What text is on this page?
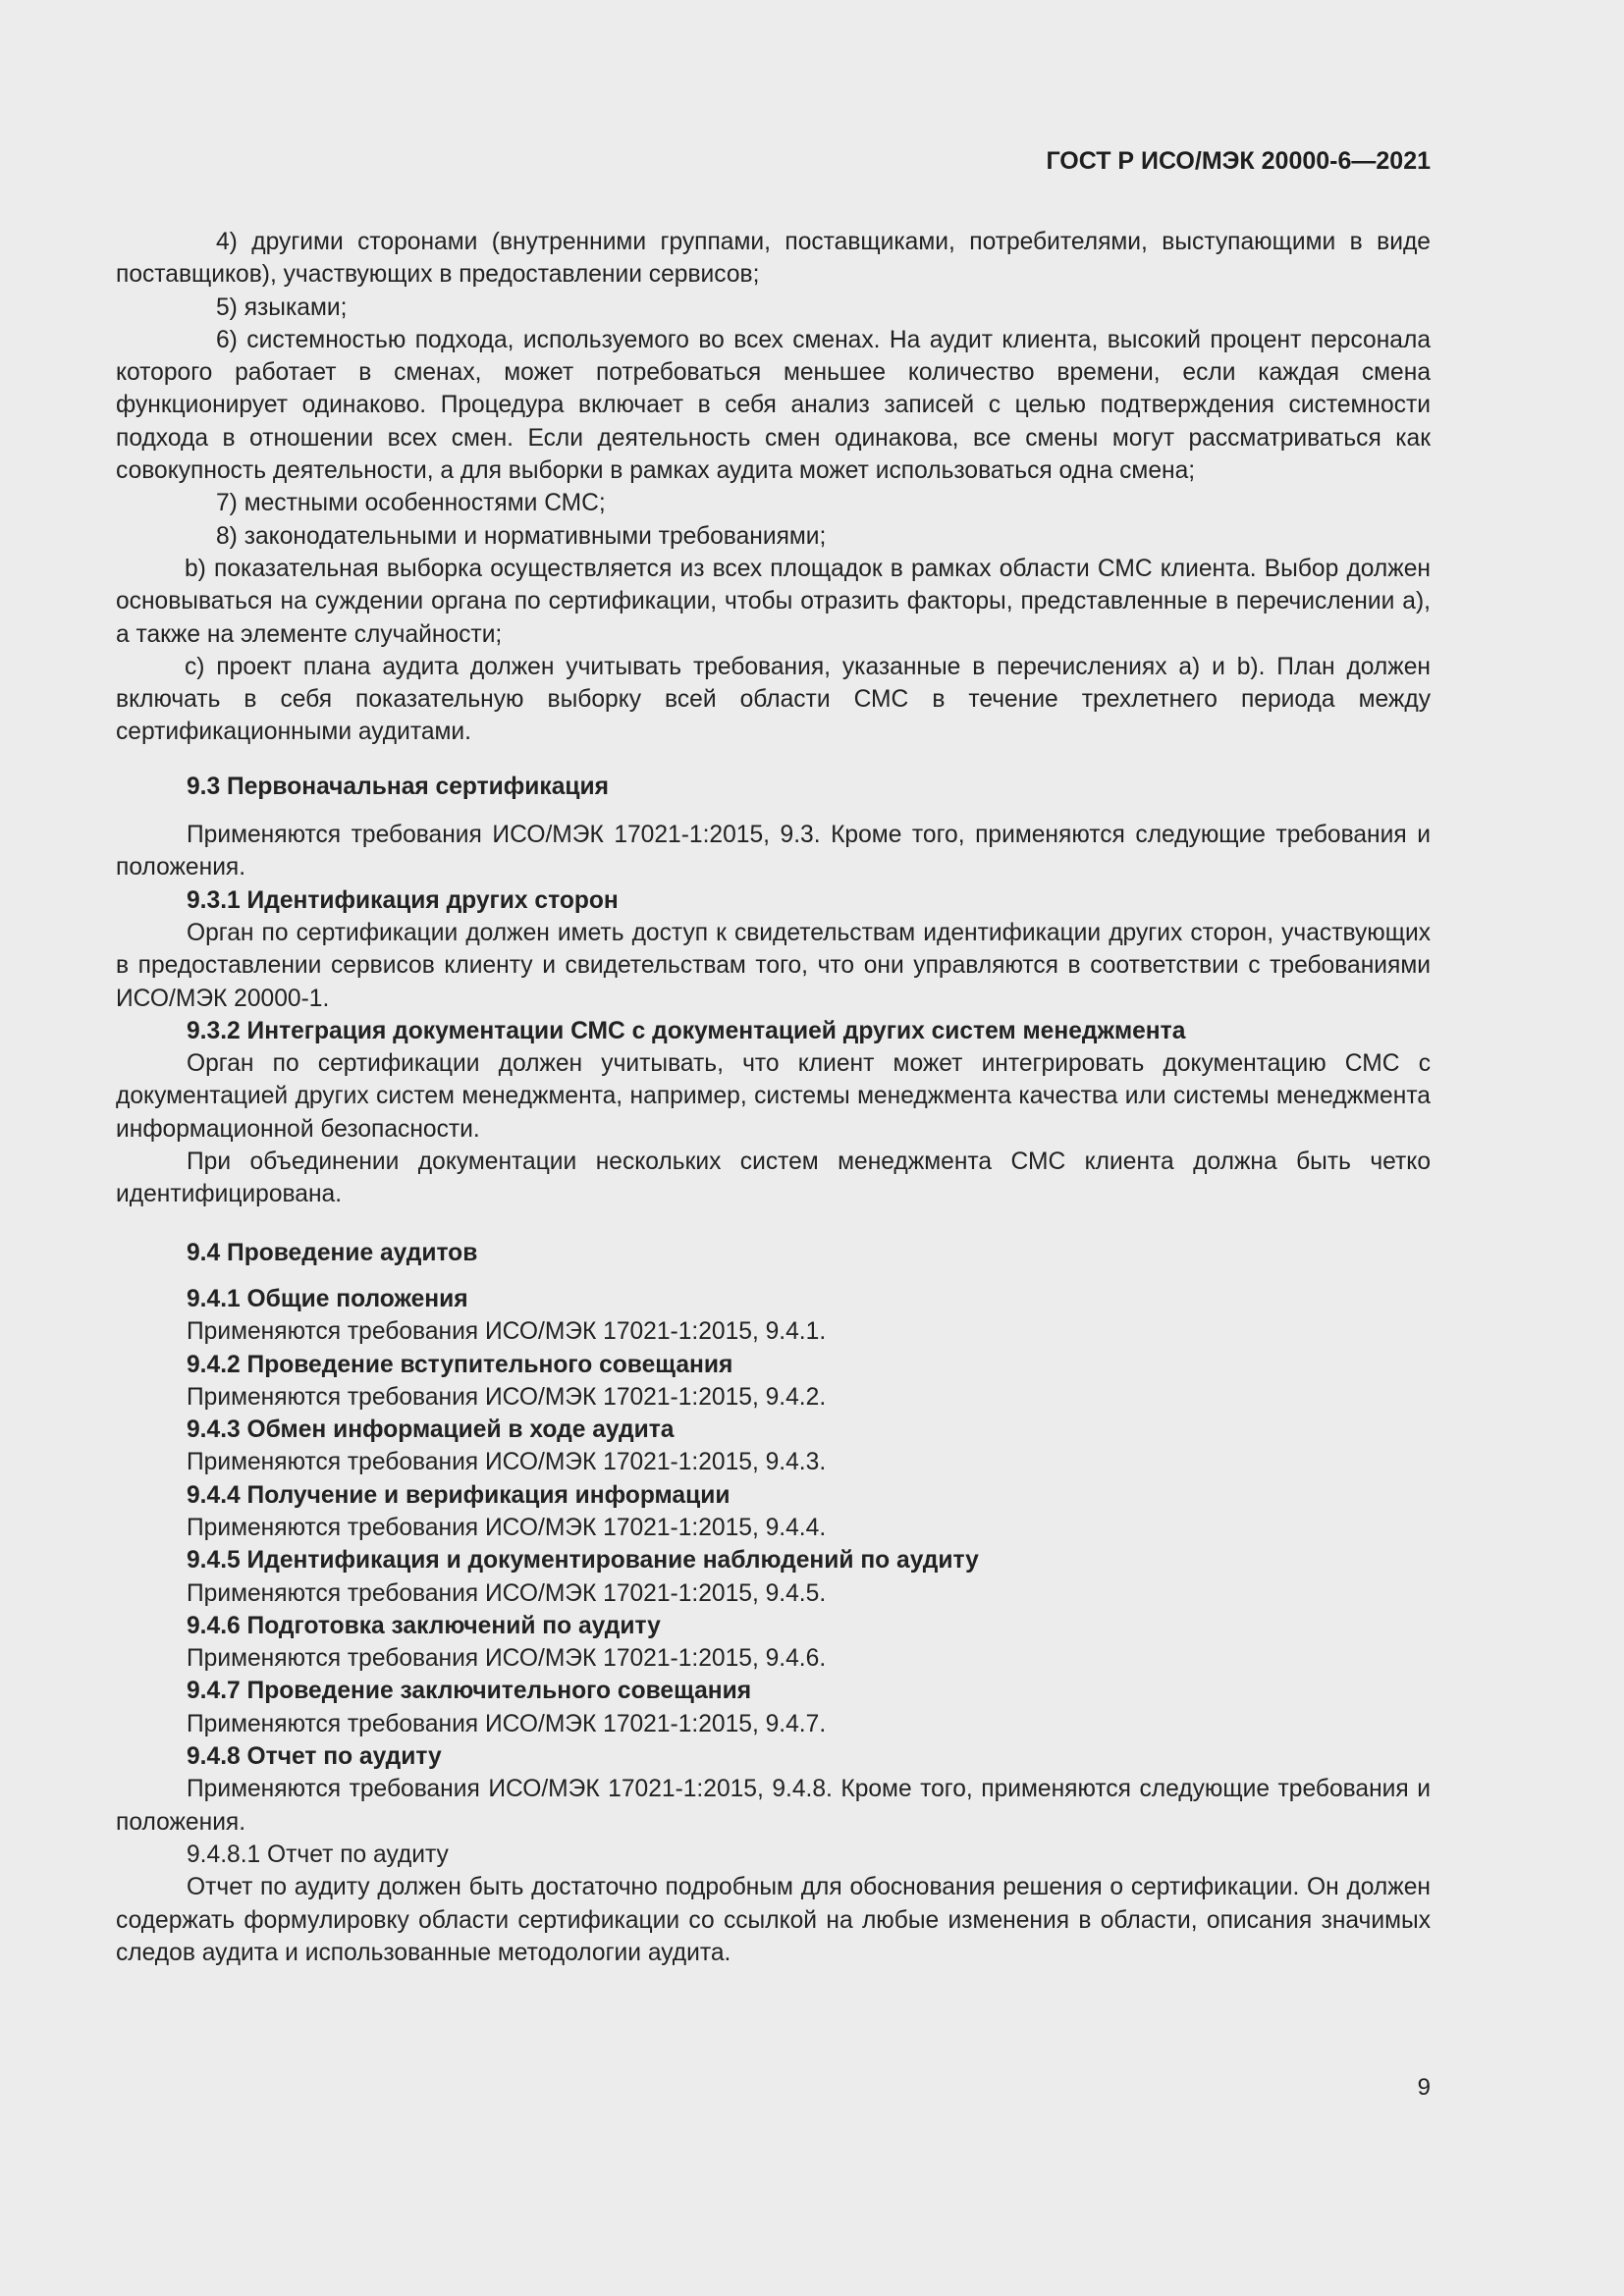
ГОСТ Р ИСО/МЭК 20000-6—2021

4) другими сторонами (внутренними группами, поставщиками, потребителями, выступающими в виде поставщиков), участвующих в предоставлении сервисов;

5) языками;

6) системностью подхода, используемого во всех сменах. На аудит клиента, высокий процент персонала которого работает в сменах, может потребоваться меньшее количество времени, если каждая смена функционирует одинаково. Процедура включает в себя анализ записей с целью подтверждения системности подхода в отношении всех смен. Если деятельность смен одинакова, все смены могут рассматриваться как совокупность деятельности, а для выборки в рамках аудита может использоваться одна смена;

7) местными особенностями СМС;

8) законодательными и нормативными требованиями;

b) показательная выборка осуществляется из всех площадок в рамках области СМС клиента. Выбор должен основываться на суждении органа по сертификации, чтобы отразить факторы, представленные в перечислении а), а также на элементе случайности;

с) проект плана аудита должен учитывать требования, указанные в перечислениях а) и b). План должен включать в себя показательную выборку всей области СМС в течение трехлетнего периода между сертификационными аудитами.

9.3 Первоначальная сертификация

Применяются требования ИСО/МЭК 17021-1:2015, 9.3. Кроме того, применяются следующие требования и положения.

9.3.1 Идентификация других сторон

Орган по сертификации должен иметь доступ к свидетельствам идентификации других сторон, участвующих в предоставлении сервисов клиенту и свидетельствам того, что они управляются в соответствии с требованиями ИСО/МЭК 20000-1.

9.3.2 Интеграция документации СМС с документацией других систем менеджмента

Орган по сертификации должен учитывать, что клиент может интегрировать документацию СМС с документацией других систем менеджмента, например, системы менеджмента качества или системы менеджмента информационной безопасности.

При объединении документации нескольких систем менеджмента СМС клиента должна быть четко идентифицирована.

9.4 Проведение аудитов

9.4.1 Общие положения

Применяются требования ИСО/МЭК 17021-1:2015, 9.4.1.

9.4.2 Проведение вступительного совещания

Применяются требования ИСО/МЭК 17021-1:2015, 9.4.2.

9.4.3 Обмен информацией в ходе аудита

Применяются требования ИСО/МЭК 17021-1:2015, 9.4.3.

9.4.4 Получение и верификация информации

Применяются требования ИСО/МЭК 17021-1:2015, 9.4.4.

9.4.5 Идентификация и документирование наблюдений по аудиту

Применяются требования ИСО/МЭК 17021-1:2015, 9.4.5.

9.4.6 Подготовка заключений по аудиту

Применяются требования ИСО/МЭК 17021-1:2015, 9.4.6.

9.4.7 Проведение заключительного совещания

Применяются требования ИСО/МЭК 17021-1:2015, 9.4.7.

9.4.8 Отчет по аудиту

Применяются требования ИСО/МЭК 17021-1:2015, 9.4.8. Кроме того, применяются следующие требования и положения.

9.4.8.1 Отчет по аудиту

Отчет по аудиту должен быть достаточно подробным для обоснования решения о сертификации. Он должен содержать формулировку области сертификации со ссылкой на любые изменения в области, описания значимых следов аудита и использованные методологии аудита.

9
